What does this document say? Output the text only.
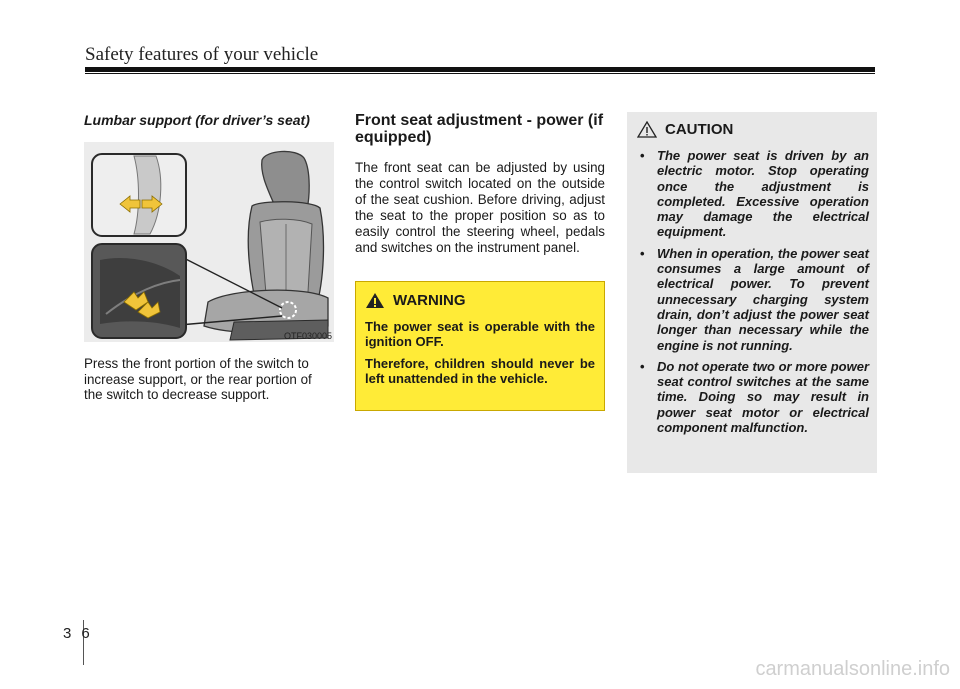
Safety features of your vehicle
Lumbar support (for driver’s seat)
OTF030005
Press the front portion of the switch to increase support, or the rear portion of the switch to decrease support.
Front seat adjustment - power (if equipped)
The front seat can be adjusted by using the control switch located on the outside of the seat cushion. Before driving, adjust the seat to the proper position so as to easily control the steering wheel, pedals and switches on the instrument panel.
WARNING

The power seat is operable with the ignition OFF.

Therefore, children should never be left unattended in the vehicle.

CAUTION
• The power seat is driven by an electric motor. Stop operating once the adjustment is completed. Excessive operation may damage the electrical equipment.
• When in operation, the power seat consumes a large amount of electrical power. To prevent unnecessary charging system drain, don’t adjust the power seat longer than necessary while the engine is not running.
• Do not operate two or more power seat control switches at the same time. Doing so may result in power seat motor or electrical component malfunction.
3 6
carmanualsonline.info
